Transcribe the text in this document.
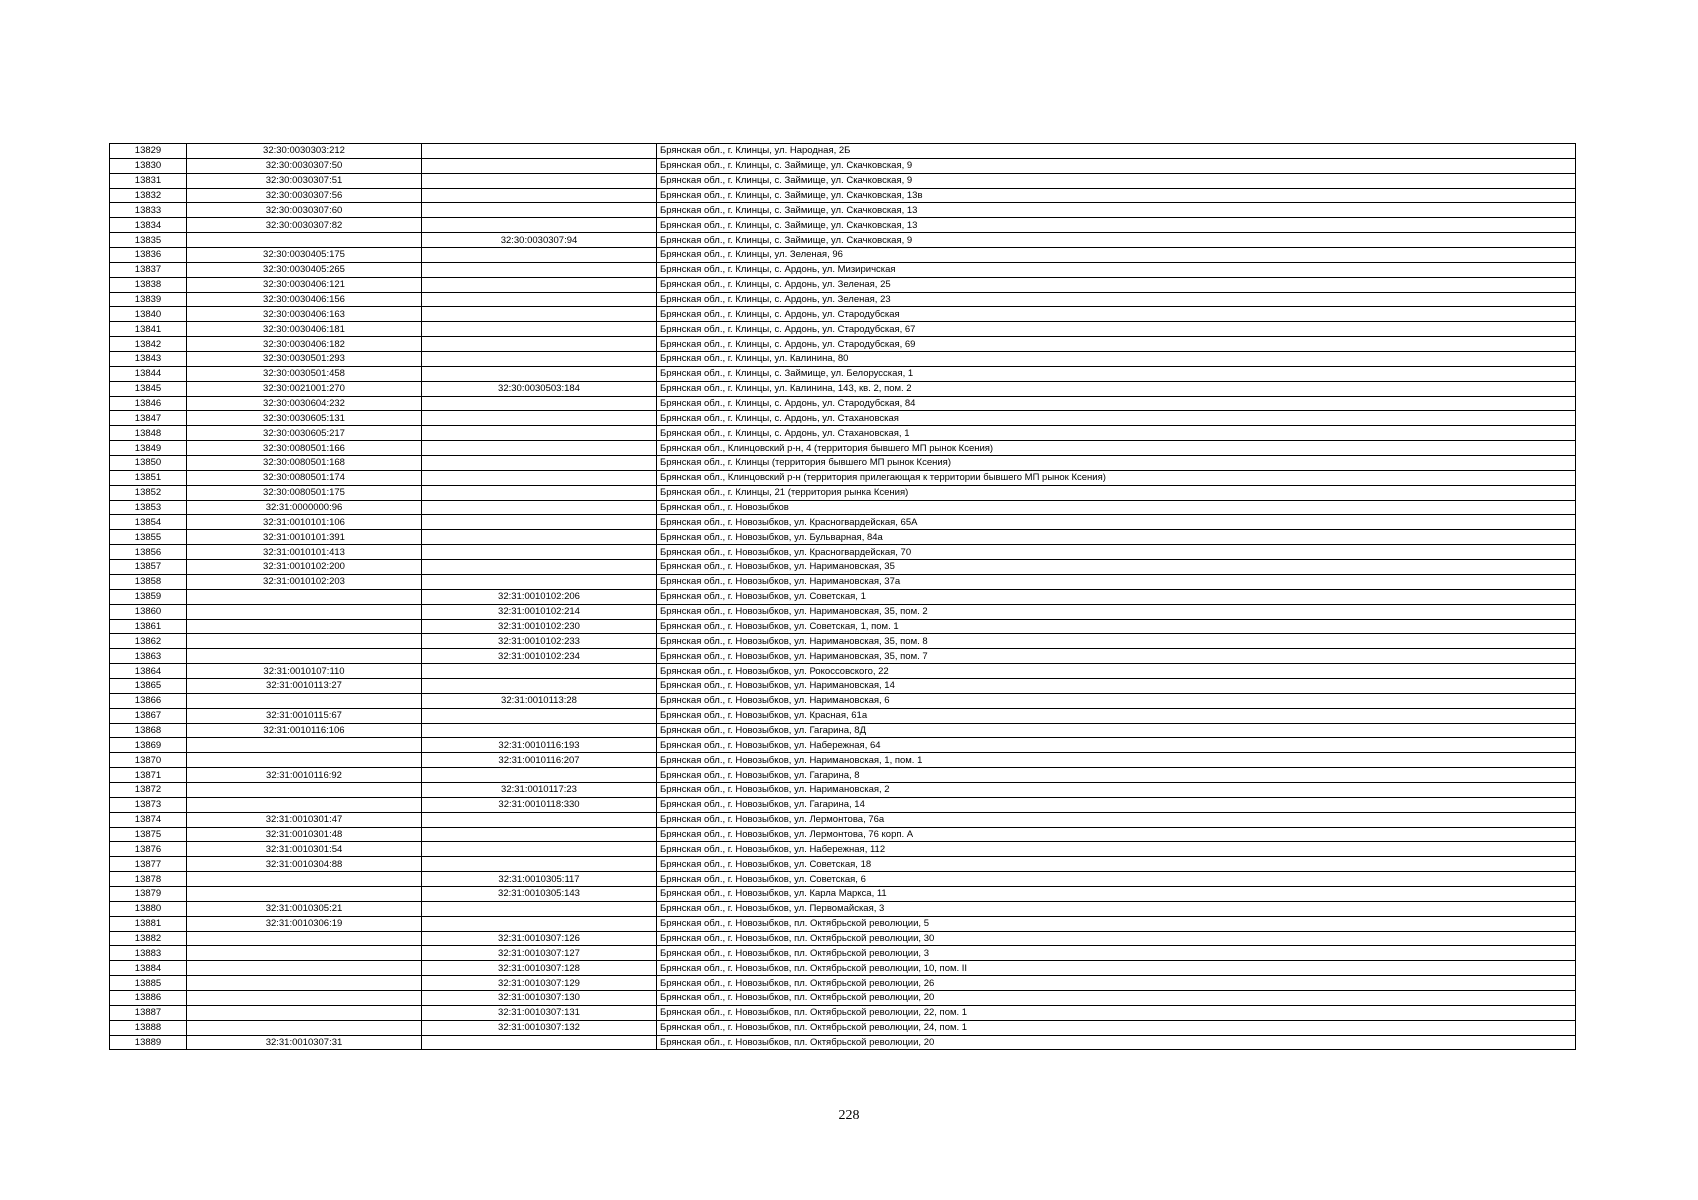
13829	32:30:0030303:212		Брянская обл., г. Клинцы, ул. Народная, 2Б
13830	32:30:0030307:50		Брянская обл., г. Клинцы, с. Займище, ул. Скачковская, 9
13831	32:30:0030307:51		Брянская обл., г. Клинцы, с. Займище, ул. Скачковская, 9
13832	32:30:0030307:56		Брянская обл., г. Клинцы, с. Займище, ул. Скачковская, 13в
13833	32:30:0030307:60		Брянская обл., г. Клинцы, с. Займище, ул. Скачковская, 13
13834	32:30:0030307:82		Брянская обл., г. Клинцы, с. Займище, ул. Скачковская, 13
13835		32:30:0030307:94	Брянская обл., г. Клинцы, с. Займище, ул. Скачковская, 9
13836	32:30:0030405:175		Брянская обл., г. Клинцы, ул. Зеленая, 96
13837	32:30:0030405:265		Брянская обл., г. Клинцы, с. Ардонь, ул. Мизиричская
13838	32:30:0030406:121		Брянская обл., г. Клинцы, с. Ардонь, ул. Зеленая, 25
13839	32:30:0030406:156		Брянская обл., г. Клинцы, с. Ардонь, ул. Зеленая, 23
13840	32:30:0030406:163		Брянская обл., г. Клинцы, с. Ардонь, ул. Стародубская
13841	32:30:0030406:181		Брянская обл., г. Клинцы, с. Ардонь, ул. Стародубская, 67
13842	32:30:0030406:182		Брянская обл., г. Клинцы, с. Ардонь, ул. Стародубская, 69
13843	32:30:0030501:293		Брянская обл., г. Клинцы, ул. Калинина, 80
13844	32:30:0030501:458		Брянская обл., г. Клинцы, с. Займище, ул. Белорусская, 1
13845	32:30:0021001:270	32:30:0030503:184	Брянская обл., г. Клинцы, ул. Калинина, 143, кв. 2, пом. 2
13846	32:30:0030604:232		Брянская обл., г. Клинцы, с. Ардонь, ул. Стародубская, 84
13847	32:30:0030605:131		Брянская обл., г. Клинцы, с. Ардонь, ул. Стахановская
13848	32:30:0030605:217		Брянская обл., г. Клинцы, с. Ардонь, ул. Стахановская, 1
13849	32:30:0080501:166		Брянская обл., Клинцовский р-н, 4 (территория бывшего МП рынок Ксения)
13850	32:30:0080501:168		Брянская обл., г. Клинцы (территория бывшего МП рынок Ксения)
13851	32:30:0080501:174		Брянская обл., Клинцовский р-н (территория прилегающая к территории бывшего МП рынок Ксения)
13852	32:30:0080501:175		Брянская обл., г. Клинцы, 21 (территория рынка Ксения)
13853	32:31:0000000:96		Брянская обл., г. Новозыбков
13854	32:31:0010101:106		Брянская обл., г. Новозыбков, ул. Красногвардейская, 65А
13855	32:31:0010101:391		Брянская обл., г. Новозыбков, ул. Бульварная, 84а
13856	32:31:0010101:413		Брянская обл., г. Новозыбков, ул. Красногвардейская, 70
13857	32:31:0010102:200		Брянская обл., г. Новозыбков, ул. Наримановская, 35
13858	32:31:0010102:203		Брянская обл., г. Новозыбков, ул. Наримановская, 37а
13859		32:31:0010102:206	Брянская обл., г. Новозыбков, ул. Советская, 1
13860		32:31:0010102:214	Брянская обл., г. Новозыбков, ул. Наримановская, 35, пом. 2
13861		32:31:0010102:230	Брянская обл., г. Новозыбков, ул. Советская, 1, пом. 1
13862		32:31:0010102:233	Брянская обл., г. Новозыбков, ул. Наримановская, 35, пом. 8
13863		32:31:0010102:234	Брянская обл., г. Новозыбков, ул. Наримановская, 35, пом. 7
13864	32:31:0010107:110		Брянская обл., г. Новозыбков, ул. Рокоссовского, 22
13865	32:31:0010113:27		Брянская обл., г. Новозыбков, ул. Наримановская, 14
13866		32:31:0010113:28	Брянская обл., г. Новозыбков, ул. Наримановская, 6
13867	32:31:0010115:67		Брянская обл., г. Новозыбков, ул. Красная, 61а
13868	32:31:0010116:106		Брянская обл., г. Новозыбков, ул. Гагарина, 8Д
13869		32:31:0010116:193	Брянская обл., г. Новозыбков, ул. Набережная, 64
13870		32:31:0010116:207	Брянская обл., г. Новозыбков, ул. Наримановская, 1, пом. 1
13871	32:31:0010116:92		Брянская обл., г. Новозыбков, ул. Гагарина, 8
13872		32:31:0010117:23	Брянская обл., г. Новозыбков, ул. Наримановская, 2
13873		32:31:0010118:330	Брянская обл., г. Новозыбков, ул. Гагарина, 14
13874	32:31:0010301:47		Брянская обл., г. Новозыбков, ул. Лермонтова, 76а
13875	32:31:0010301:48		Брянская обл., г. Новозыбков, ул. Лермонтова, 76 корп. А
13876	32:31:0010301:54		Брянская обл., г. Новозыбков, ул. Набережная, 112
13877	32:31:0010304:88		Брянская обл., г. Новозыбков, ул. Советская, 18
13878		32:31:0010305:117	Брянская обл., г. Новозыбков, ул. Советская, 6
13879		32:31:0010305:143	Брянская обл., г. Новозыбков, ул. Карла Маркса, 11
13880	32:31:0010305:21		Брянская обл., г. Новозыбков, ул. Первомайская, 3
13881	32:31:0010306:19		Брянская обл., г. Новозыбков, пл. Октябрьской революции, 5
13882		32:31:0010307:126	Брянская обл., г. Новозыбков, пл. Октябрьской революции, 30
13883		32:31:0010307:127	Брянская обл., г. Новозыбков, пл. Октябрьской революции, 3
13884		32:31:0010307:128	Брянская обл., г. Новозыбков, пл. Октябрьской революции, 10, пом. II
13885		32:31:0010307:129	Брянская обл., г. Новозыбков, пл. Октябрьской революции, 26
13886		32:31:0010307:130	Брянская обл., г. Новозыбков, пл. Октябрьской революции, 20
13887		32:31:0010307:131	Брянская обл., г. Новозыбков, пл. Октябрьской революции, 22, пом. 1
13888		32:31:0010307:132	Брянская обл., г. Новозыбков, пл. Октябрьской революции, 24, пом. 1
13889	32:31:0010307:31		Брянская обл., г. Новозыбков, пл. Октябрьской революции, 20
228
